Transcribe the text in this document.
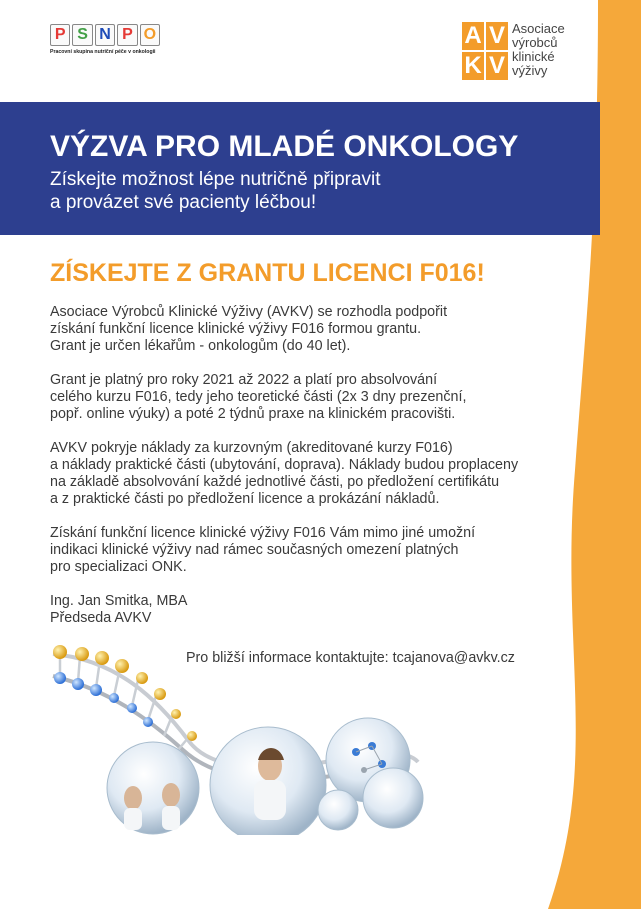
P S N P O
Pracovní skupina nutriční péče v onkologii
A V
K V
Asociace
výrobců
klinické
výživy
VÝZVA PRO MLADÉ ONKOLOGY
Získejte možnost lépe nutričně připravit
a provázet své pacienty léčbou!
ZÍSKEJTE Z GRANTU LICENCI F016!

Asociace Výrobců Klinické Výživy (AVKV) se rozhodla podpořit
získání funkční licence klinické výživy F016 formou grantu.
Grant je určen lékařům - onkologům (do 40 let).

Grant je platný pro roky 2021 až 2022 a platí pro absolvování
celého kurzu F016, tedy jeho teoretické části (2x 3 dny prezenční,
popř. online výuky) a poté 2 týdnů praxe na klinickém pracovišti.

AVKV pokryje náklady za kurzovným (akreditované kurzy F016)
a náklady praktické části (ubytování, doprava). Náklady budou proplaceny
na základě absolvování každé jednotlivé části, po předložení certifikátu
a z praktické části po předložení licence a prokázání nákladů.

Získání funkční licence klinické výživy F016 Vám mimo jiné umožní
indikaci klinické výživy nad rámec současných omezení platných
pro specializaci ONK.

Ing. Jan Smitka, MBA
Předseda AVKV

Pro bližší informace kontaktujte: tcajanova@avkv.cz
